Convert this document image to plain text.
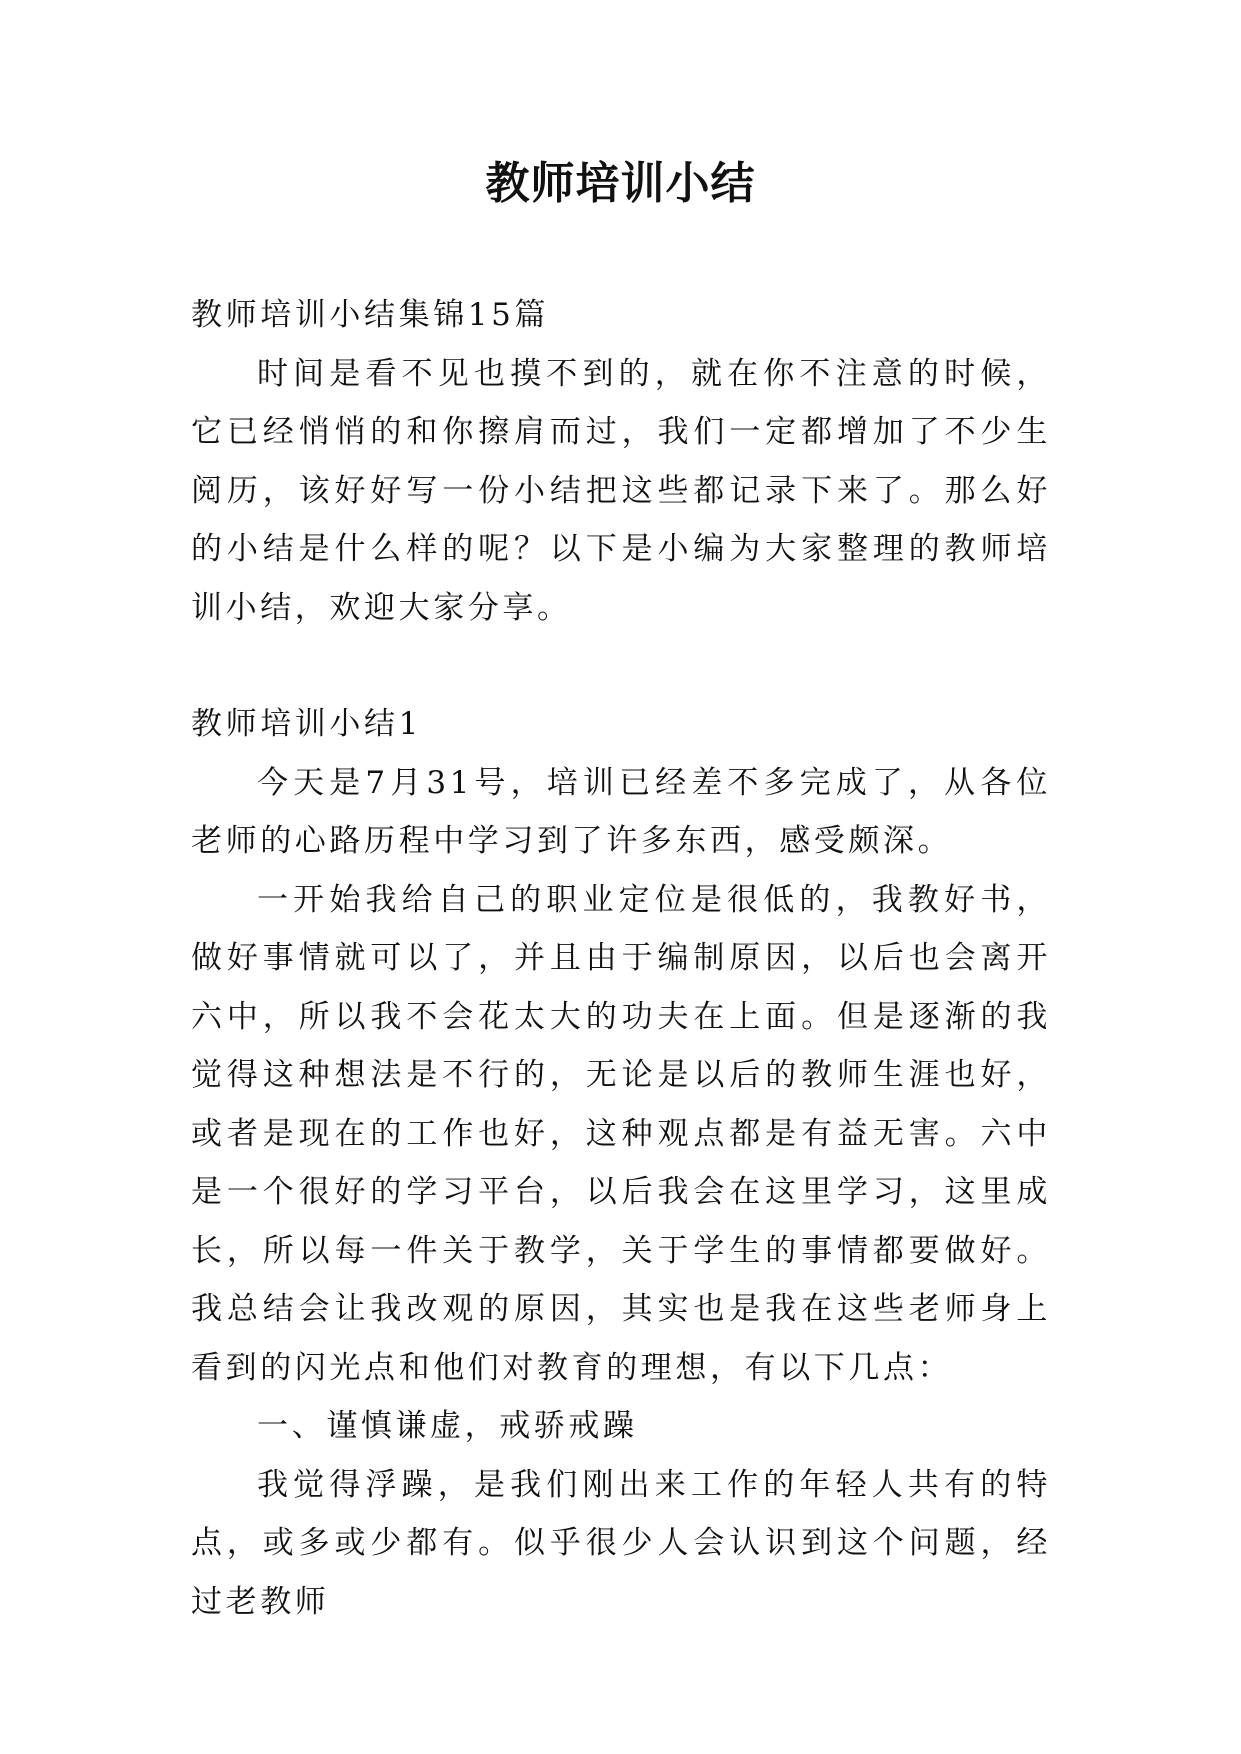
教师培训小结

教师培训小结集锦15篇

时间是看不见也摸不到的，就在你不注意的时候，它已经悄悄的和你擦肩而过，我们一定都增加了不少生阅历，该好好写一份小结把这些都记录下来了。那么好的小结是什么样的呢？以下是小编为大家整理的教师培训小结，欢迎大家分享。

教师培训小结1

今天是7月31号，培训已经差不多完成了，从各位老师的心路历程中学习到了许多东西，感受颇深。

一开始我给自己的职业定位是很低的，我教好书，做好事情就可以了，并且由于编制原因，以后也会离开六中，所以我不会花太大的功夫在上面。但是逐渐的我觉得这种想法是不行的，无论是以后的教师生涯也好，或者是现在的工作也好，这种观点都是有益无害。六中是一个很好的学习平台，以后我会在这里学习，这里成长，所以每一件关于教学，关于学生的事情都要做好。我总结会让我改观的原因，其实也是我在这些老师身上看到的闪光点和他们对教育的理想，有以下几点：

一、谨慎谦虚，戒骄戒躁

我觉得浮躁，是我们刚出来工作的年轻人共有的特点，或多或少都有。似乎很少人会认识到这个问题，经过老教师
